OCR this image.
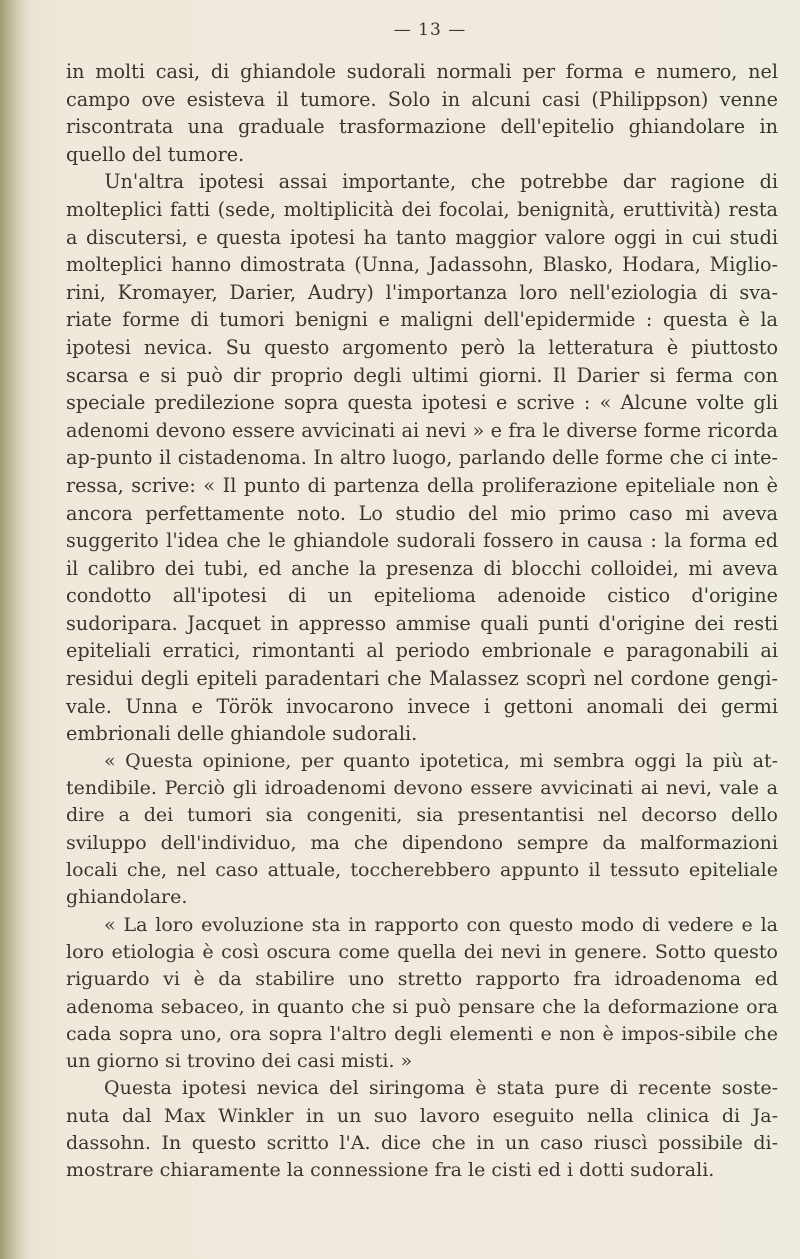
— 13 —

in molti casi, di ghiandole sudorali normali per forma e numero, nel campo ove esisteva il tumore. Solo in alcuni casi (Philippson) venne riscontrata una graduale trasformazione dell'epitelio ghiandolare in quello del tumore.

Un'altra ipotesi assai importante, che potrebbe dar ragione di molteplici fatti (sede, moltiplicità dei focolai, benignità, eruttività) resta a discutersi, e questa ipotesi ha tanto maggior valore oggi in cui studi molteplici hanno dimostrata (Unna, Jadassohn, Blasko, Hodara, Miglio-rini, Kromayer, Darier, Audry) l'importanza loro nell'eziologia di sva-riate forme di tumori benigni e maligni dell'epidermide : questa è la ipotesi nevica. Su questo argomento però la letteratura è piuttosto scarsa e si può dir proprio degli ultimi giorni. Il Darier si ferma con speciale predilezione sopra questa ipotesi e scrive : « Alcune volte gli adenomi devono essere avvicinati ai nevi » e fra le diverse forme ricorda ap-punto il cistadenoma. In altro luogo, parlando delle forme che ci inte-ressa, scrive: « Il punto di partenza della proliferazione epiteliale non è ancora perfettamente noto. Lo studio del mio primo caso mi aveva suggerito l'idea che le ghiandole sudorali fossero in causa : la forma ed il calibro dei tubi, ed anche la presenza di blocchi colloidei, mi aveva condotto all'ipotesi di un epitelioma adenoide cistico d'origine sudoripara. Jacquet in appresso ammise quali punti d'origine dei resti epiteliali erratici, rimontanti al periodo embrionale e paragonabili ai residui degli epiteli paradentari che Malassez scoprì nel cordone gengi-vale. Unna e Török invocarono invece i gettoni anomali dei germi embrionali delle ghiandole sudorali.

« Questa opinione, per quanto ipotetica, mi sembra oggi la più at-tendibile. Perciò gli idroadenomi devono essere avvicinati ai nevi, vale a dire a dei tumori sia congeniti, sia presentantisi nel decorso dello sviluppo dell'individuo, ma che dipendono sempre da malformazioni locali che, nel caso attuale, toccherebbero appunto il tessuto epiteliale ghiandolare.

« La loro evoluzione sta in rapporto con questo modo di vedere e la loro etiologia è così oscura come quella dei nevi in genere. Sotto questo riguardo vi è da stabilire uno stretto rapporto fra idroadenoma ed adenoma sebaceo, in quanto che si può pensare che la deformazione ora cada sopra uno, ora sopra l'altro degli elementi e non è impos-sibile che un giorno si trovino dei casi misti. »

Questa ipotesi nevica del siringoma è stata pure di recente soste-nuta dal Max Winkler in un suo lavoro eseguito nella clinica di Ja-dassohn. In questo scritto l'A. dice che in un caso riuscì possibile di-mostrare chiaramente la connessione fra le cisti ed i dotti sudorali.
